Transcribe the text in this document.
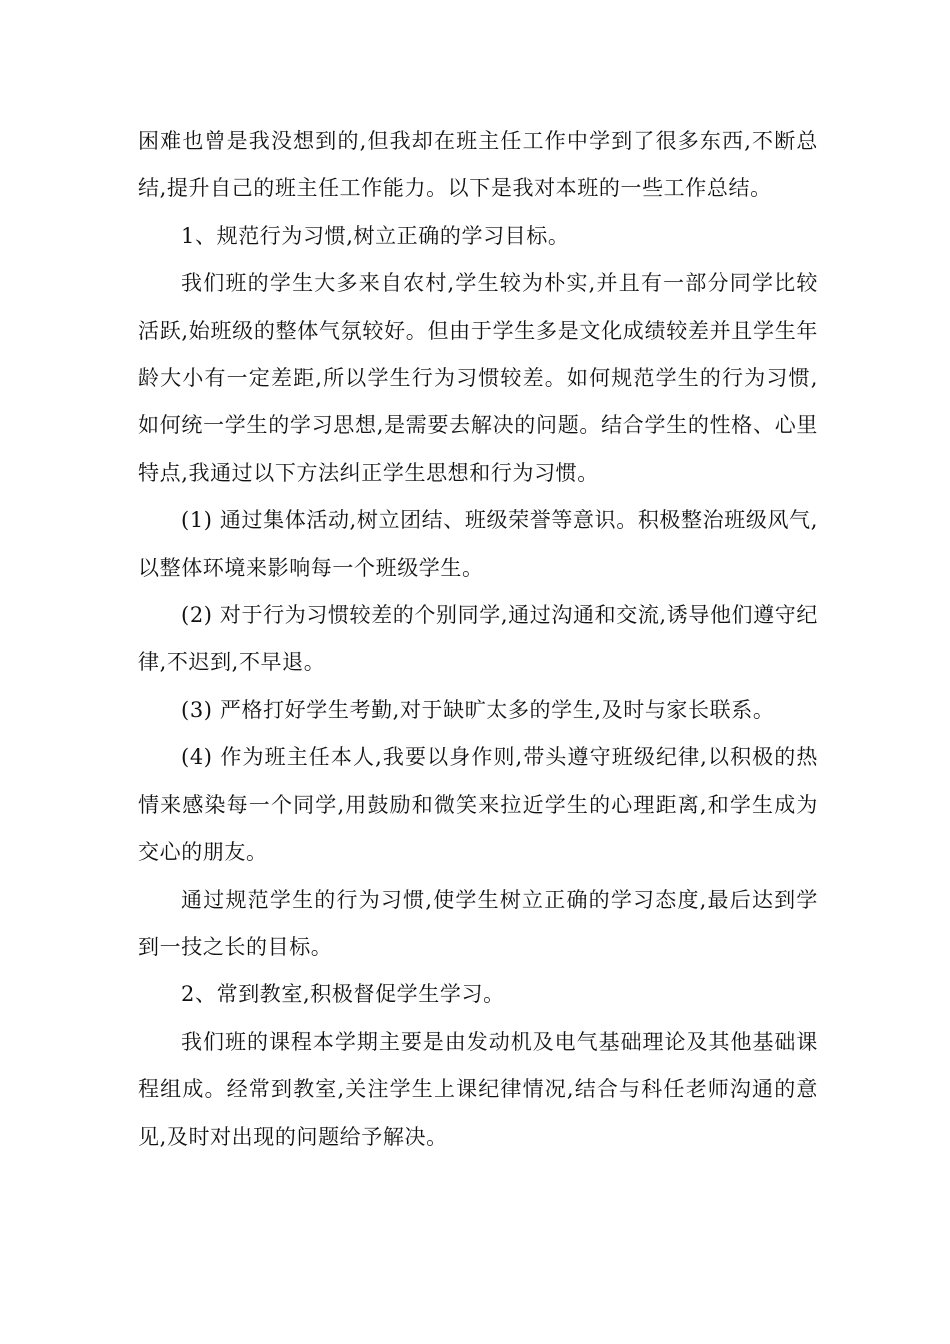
困难也曾是我没想到的,但我却在班主任工作中学到了很多东西,不断总结,提升自己的班主任工作能力。以下是我对本班的一些工作总结。

1、规范行为习惯,树立正确的学习目标。

我们班的学生大多来自农村,学生较为朴实,并且有一部分同学比较活跃,始班级的整体气氛较好。但由于学生多是文化成绩较差并且学生年龄大小有一定差距,所以学生行为习惯较差。如何规范学生的行为习惯,如何统一学生的学习思想,是需要去解决的问题。结合学生的性格、心里特点,我通过以下方法纠正学生思想和行为习惯。

(1) 通过集体活动,树立团结、班级荣誉等意识。积极整治班级风气,以整体环境来影响每一个班级学生。

(2) 对于行为习惯较差的个别同学,通过沟通和交流,诱导他们遵守纪律,不迟到,不早退。

(3) 严格打好学生考勤,对于缺旷太多的学生,及时与家长联系。

(4) 作为班主任本人,我要以身作则,带头遵守班级纪律,以积极的热情来感染每一个同学,用鼓励和微笑来拉近学生的心理距离,和学生成为交心的朋友。

通过规范学生的行为习惯,使学生树立正确的学习态度,最后达到学到一技之长的目标。

2、常到教室,积极督促学生学习。

我们班的课程本学期主要是由发动机及电气基础理论及其他基础课程组成。经常到教室,关注学生上课纪律情况,结合与科任老师沟通的意见,及时对出现的问题给予解决。
